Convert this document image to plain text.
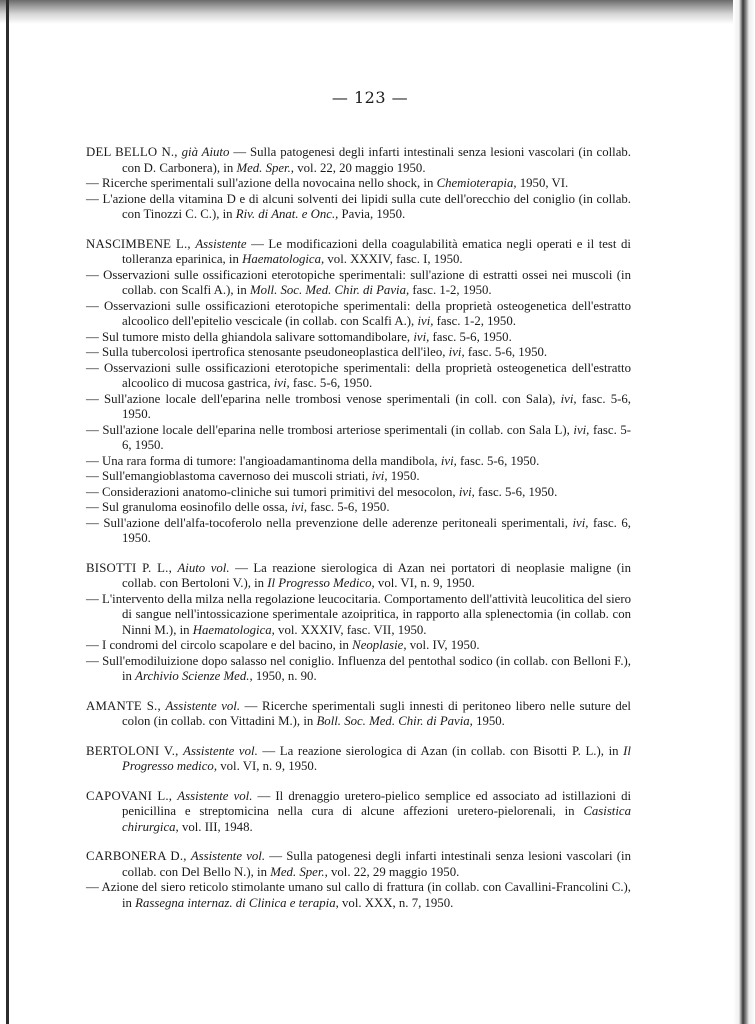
— 123 —
DEL BELLO N., già Aiuto — Sulla patogenesi degli infarti intestinali senza lesioni vascolari (in collab. con D. Carbonera), in Med. Sper., vol. 22, 20 maggio 1950.
— Ricerche sperimentali sull'azione della novocaina nello shock, in Chemioterapia, 1950, VI.
— L'azione della vitamina D e di alcuni solventi dei lipidi sulla cute dell'orecchio del coniglio (in collab. con Tinozzi C. C.), in Riv. di Anat. e Onc., Pavia, 1950.
NASCIMBENE L., Assistente — Le modificazioni della coagulabilità ematica negli operati e il test di tolleranza eparinica, in Haematologica, vol. XXXIV, fasc. I, 1950.
— Osservazioni sulle ossificazioni eterotopiche sperimentali: sull'azione di estratti ossei nei muscoli (in collab. con Scalfi A.), in Moll. Soc. Med. Chir. di Pavia, fasc. 1-2, 1950.
— Osservazioni sulle ossificazioni eterotopiche sperimentali: della proprietà osteogenetica dell'estratto alcoolico dell'epitelio vescicale (in collab. con Scalfi A.), ivi, fasc. 1-2, 1950.
— Sul tumore misto della ghiandola salivare sottomandibolare, ivi, fasc. 5-6, 1950.
— Sulla tubercolosi ipertrofica stenosante pseudoneoplastica dell'ileo, ivi, fasc. 5-6, 1950.
— Osservazioni sulle ossificazioni eterotopiche sperimentali: della proprietà osteogenetica dell'estratto alcoolico di mucosa gastrica, ivi, fasc. 5-6, 1950.
— Sull'azione locale dell'eparina nelle trombosi venose sperimentali (in coll. con Sala), ivi, fasc. 5-6, 1950.
— Sull'azione locale dell'eparina nelle trombosi arteriose sperimentali (in collab. con Sala L), ivi, fasc. 5-6, 1950.
— Una rara forma di tumore: l'angioadamantinoma della mandibola, ivi, fasc. 5-6, 1950.
— Sull'emangioblastoma cavernoso dei muscoli striati, ivi, 1950.
— Considerazioni anatomo-cliniche sui tumori primitivi del mesocolon, ivi, fasc. 5-6, 1950.
— Sul granuloma eosinofilo delle ossa, ivi, fasc. 5-6, 1950.
— Sull'azione dell'alfa-tocoferolo nella prevenzione delle aderenze peritoneali sperimentali, ivi, fasc. 6, 1950.
BISOTTI P. L., Aiuto vol. — La reazione sierologica di Azan nei portatori di neoplasie maligne (in collab. con Bertoloni V.), in Il Progresso Medico, vol. VI, n. 9, 1950.
— L'intervento della milza nella regolazione leucocitaria. Comportamento dell'attività leucolitica del siero di sangue nell'intossicazione sperimentale azoipritica, in rapporto alla splenectomia (in collab. con Ninni M.), in Haematologica, vol. XXXIV, fasc. VII, 1950.
— I condromi del circolo scapolare e del bacino, in Neoplasie, vol. IV, 1950.
— Sull'emodiluizione dopo salasso nel coniglio. Influenza del pentothal sodico (in collab. con Belloni F.), in Archivio Scienze Med., 1950, n. 90.
AMANTE S., Assistente vol. — Ricerche sperimentali sugli innesti di peritoneo libero nelle suture del colon (in collab. con Vittadini M.), in Boll. Soc. Med. Chir. di Pavia, 1950.
BERTOLONI V., Assistente vol. — La reazione sierologica di Azan (in collab. con Bisotti P. L.), in Il Progresso medico, vol. VI, n. 9, 1950.
CAPOVANI L., Assistente vol. — Il drenaggio uretero-pielico semplice ed associato ad istillazioni di penicillina e streptomicina nella cura di alcune affezioni uretero-pielorenali, in Casistica chirurgica, vol. III, 1948.
CARBONERA D., Assistente vol. — Sulla patogenesi degli infarti intestinali senza lesioni vascolari (in collab. con Del Bello N.), in Med. Sper., vol. 22, 29 maggio 1950.
— Azione del siero reticolo stimolante umano sul callo di frattura (in collab. con Cavallini-Francolini C.), in Rassegna internaz. di Clinica e terapia, vol. XXX, n. 7, 1950.
